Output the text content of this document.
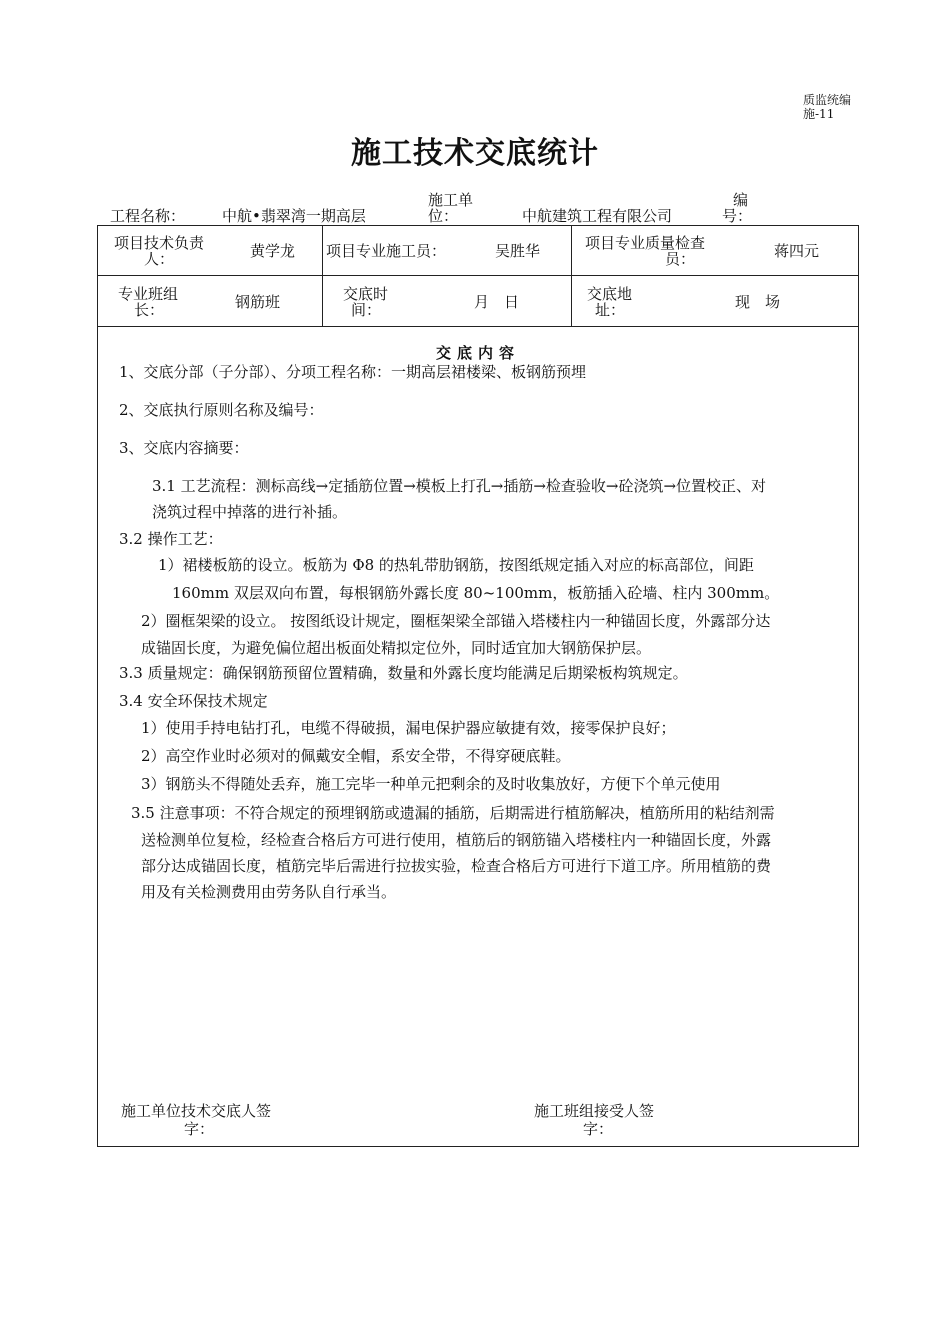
质监统编
施-11
施工技术交底统计
工程名称： 中航•翡翠湾一期高层
施工单
位：	中航建筑工程有限公司
编
号：
项目技术负责
人：	黄学龙 项目专业施工员：	吴胜华	项目专业质量检查
员：	蒋四元
专业班组
长：	钢筋班	交底时
间：	月　日	交底地
址：	现　场
交底内容
1、交底分部（子分部）、分项工程名称：一期高层裙楼梁、板钢筋预埋
2、交底执行原则名称及编号：
3、交底内容摘要：
3.1 工艺流程：测标高线→定插筋位置→模板上打孔→插筋→检查验收→砼浇筑→位置校正、对
浇筑过程中掉落的进行补插。
3.2 操作工艺：
1）裙楼板筋的设立。板筋为 Φ8 的热轧带肋钢筋，按图纸规定插入对应的标高部位，间距
160mm 双层双向布置，每根钢筋外露长度 80~100mm，板筋插入砼墙、柱内 300mm。
2）圈框架梁的设立。 按图纸设计规定，圈框架梁全部锚入塔楼柱内一种锚固长度，外露部分达
成锚固长度，为避免偏位超出板面处精拟定位外，同时适宜加大钢筋保护层。
3.3 质量规定：确保钢筋预留位置精确，数量和外露长度均能满足后期梁板构筑规定。
3.4 安全环保技术规定
1）使用手持电钻打孔，电缆不得破损，漏电保护器应敏捷有效，接零保护良好；
2）高空作业时必须对的佩戴安全帽，系安全带，不得穿硬底鞋。
3）钢筋头不得随处丢弃，施工完毕一种单元把剩余的及时收集放好，方便下个单元使用
3.5 注意事项：不符合规定的预埋钢筋或遗漏的插筋，后期需进行植筋解决，植筋所用的粘结剂需
送检测单位复检，经检查合格后方可进行使用，植筋后的钢筋锚入塔楼柱内一种锚固长度，外露
部分达成锚固长度，植筋完毕后需进行拉拔实验，检查合格后方可进行下道工序。所用植筋的费
用及有关检测费用由劳务队自行承当。
施工单位技术交底人签
字：
施工班组接受人签
字：
